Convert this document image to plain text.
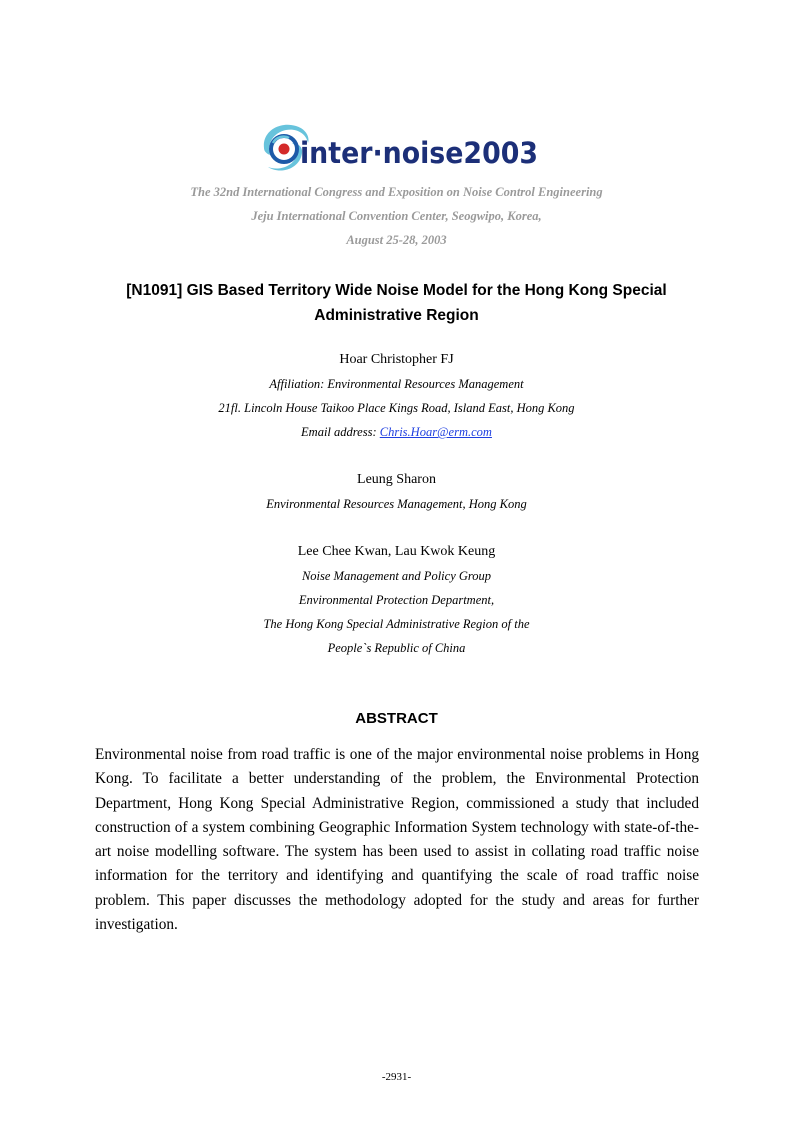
inter·noise2003
The 32nd International Congress and Exposition on Noise Control Engineering
Jeju International Convention Center, Seogwipo, Korea,
August 25-28, 2003
[N1091] GIS Based Territory Wide Noise Model for the Hong Kong Special Administrative Region
Hoar Christopher FJ
Affiliation: Environmental Resources Management
21fl. Lincoln House Taikoo Place Kings Road, Island East, Hong Kong
Email address: Chris.Hoar@erm.com
Leung Sharon
Environmental Resources Management, Hong Kong
Lee Chee Kwan, Lau Kwok Keung
Noise Management and Policy Group
Environmental Protection Department,
The Hong Kong Special Administrative Region of the
People`s Republic of China
ABSTRACT

Environmental noise from road traffic is one of the major environmental noise problems in Hong Kong. To facilitate a better understanding of the problem, the Environmental Protection Department, Hong Kong Special Administrative Region, commissioned a study that included construction of a system combining Geographic Information System technology with state-of-the-art noise modelling software. The system has been used to assist in collating road traffic noise information for the territory and identifying and quantifying the scale of road traffic noise problem. This paper discusses the methodology adopted for the study and areas for further investigation.

-2931-
